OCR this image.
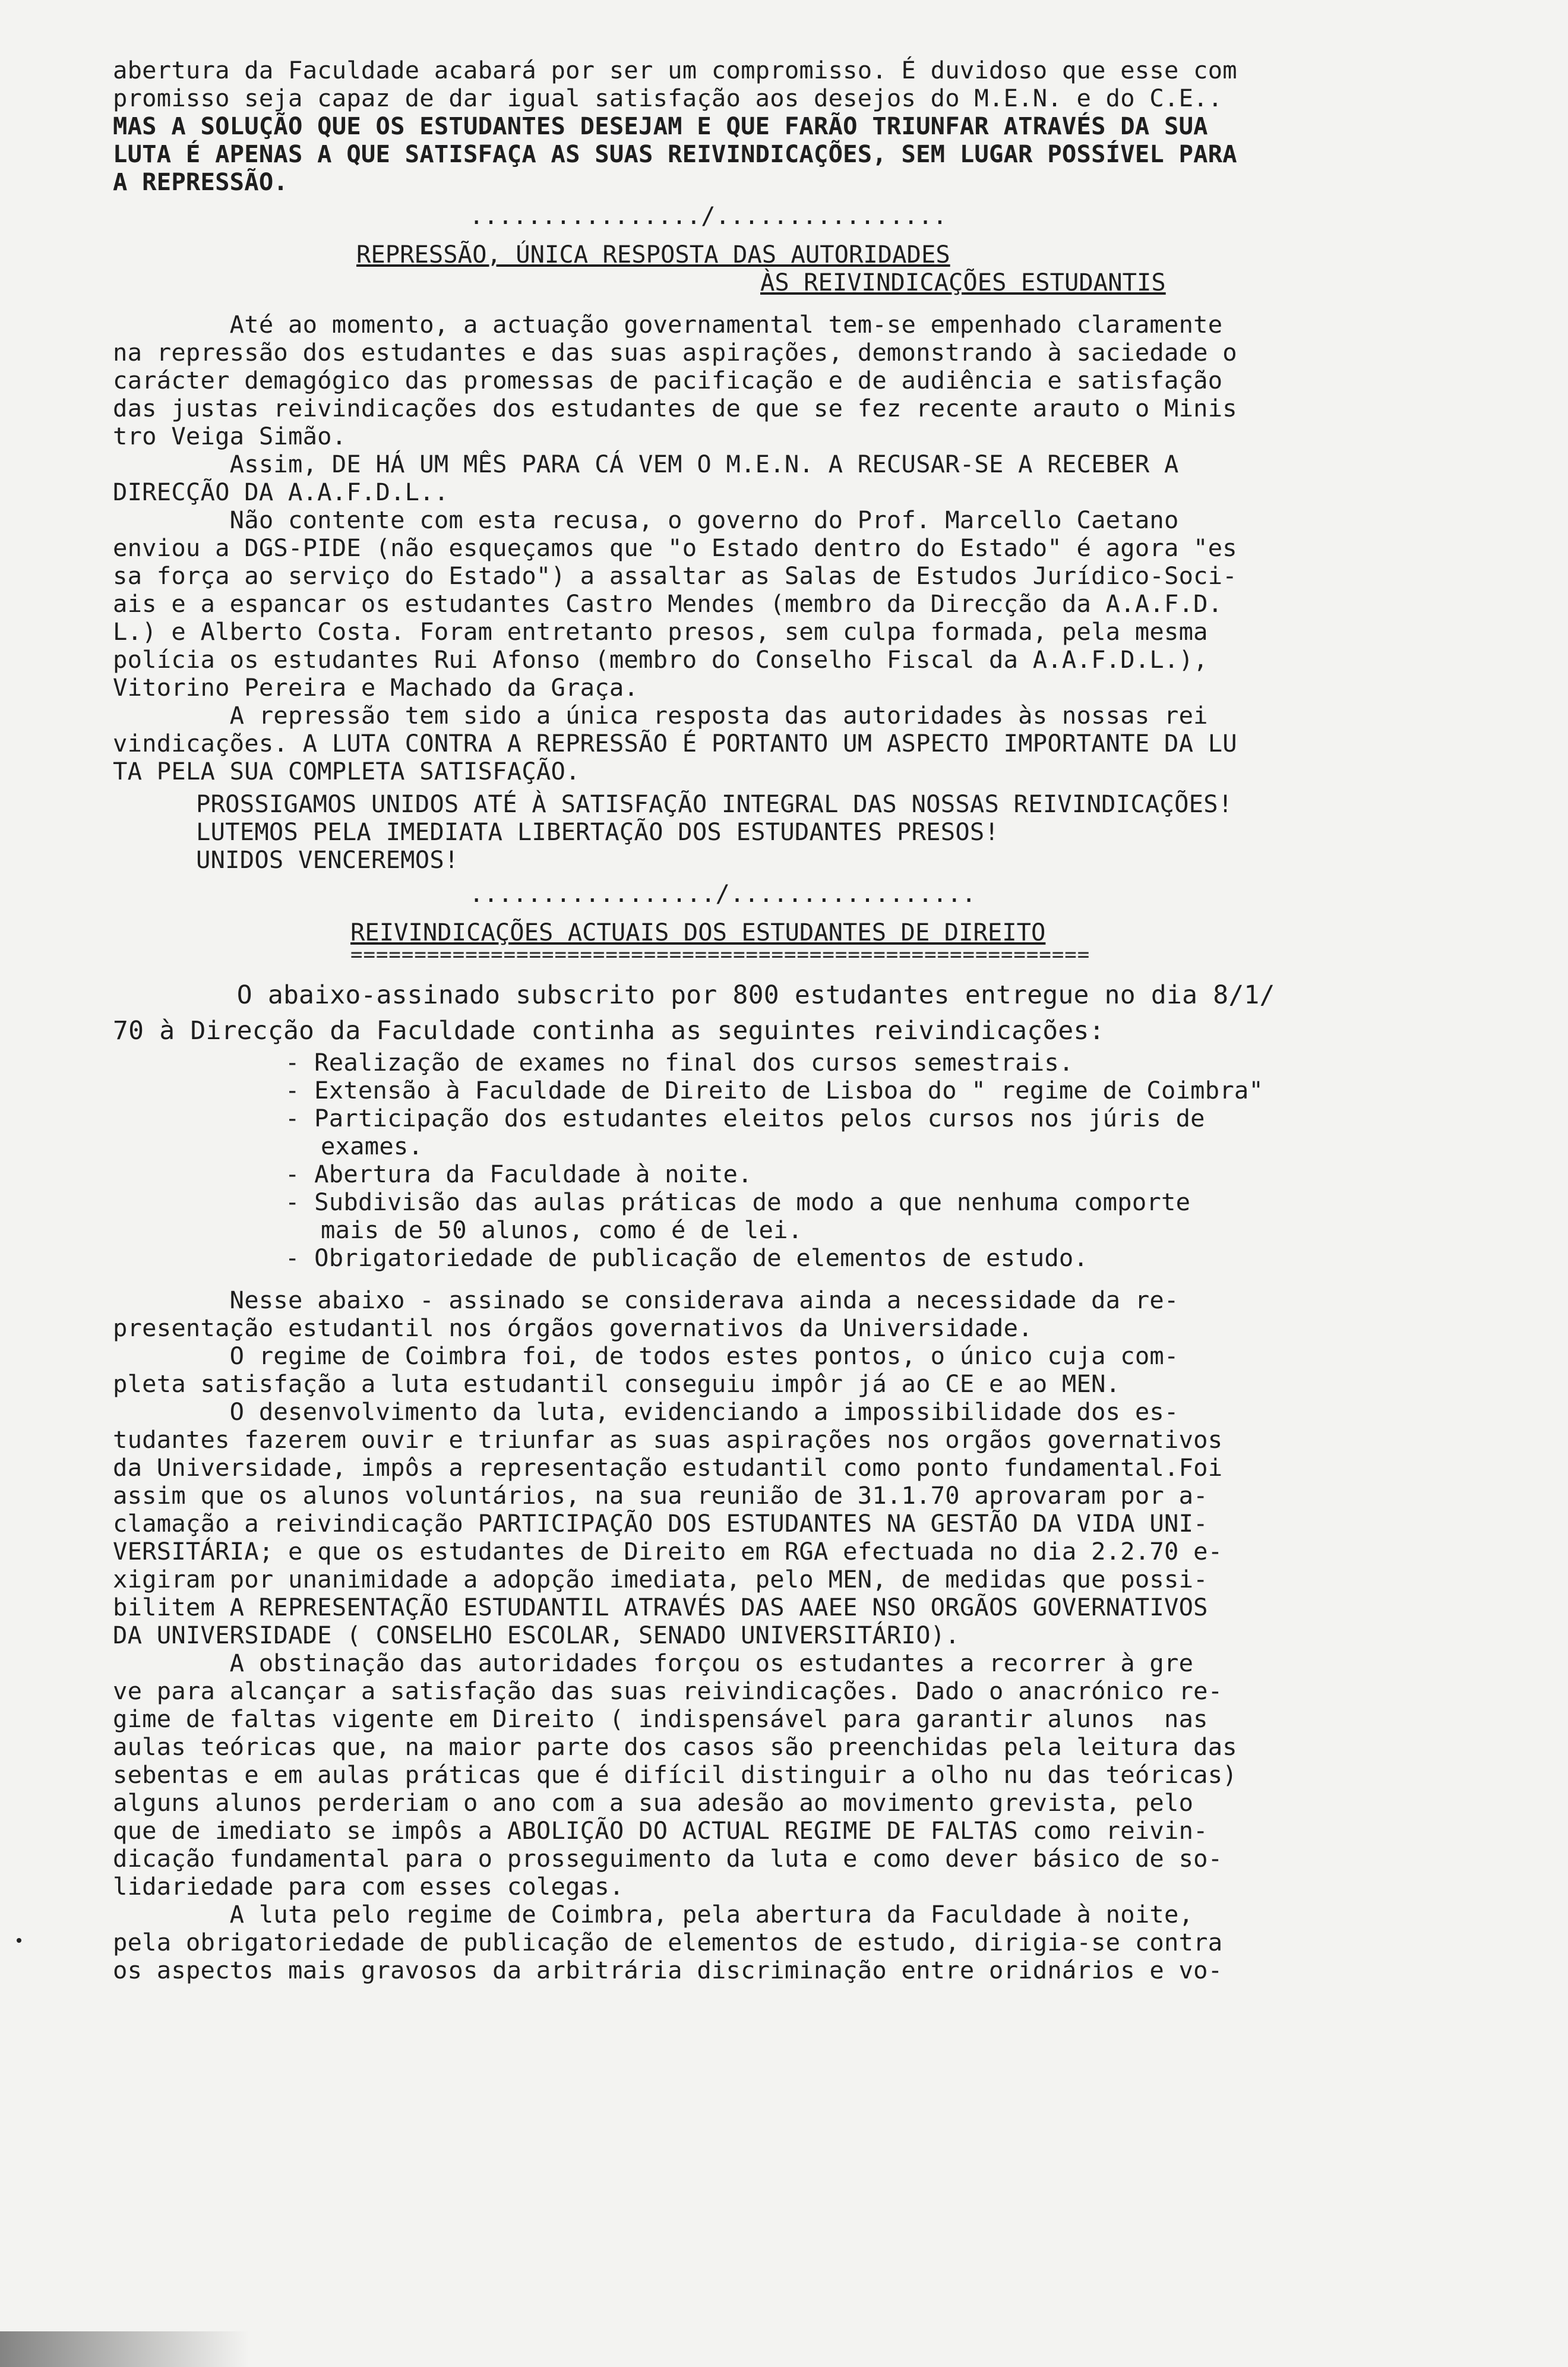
abertura da Faculdade acabará por ser um compromisso. É duvidoso que esse com
promisso seja capaz de dar igual satisfação aos desejos do M.E.N. e do C.E..
MAS A SOLUÇÃO QUE OS ESTUDANTES DESEJAM E QUE FARÃO TRIUNFAR ATRAVÉS DA SUA
LUTA É APENAS A QUE SATISFAÇA AS SUAS REIVINDICAÇÕES, SEM LUGAR POSSÍVEL PARA
A REPRESSÃO.
................/................
REPRESSÃO, ÚNICA RESPOSTA DAS AUTORIDADES
ÀS REIVINDICAÇÕES ESTUDANTIS
Até ao momento, a actuação governamental tem-se empenhado claramente
na repressão dos estudantes e das suas aspirações, demonstrando à saciedade o
carácter demagógico das promessas de pacificação e de audiência e satisfação
das justas reivindicações dos estudantes de que se fez recente arauto o Minis
tro Veiga Simão.
Assim, DE HÁ UM MÊS PARA CÁ VEM O M.E.N. A RECUSAR-SE A RECEBER A
DIRECÇÃO DA A.A.F.D.L..
Não contente com esta recusa, o governo do Prof. Marcello Caetano
enviou a DGS-PIDE (não esqueçamos que "o Estado dentro do Estado" é agora "es
sa força ao serviço do Estado") a assaltar as Salas de Estudos Jurídico-Soci-
ais e a espancar os estudantes Castro Mendes (membro da Direcção da A.A.F.D.
L.) e Alberto Costa. Foram entretanto presos, sem culpa formada, pela mesma
polícia os estudantes Rui Afonso (membro do Conselho Fiscal da A.A.F.D.L.),
Vitorino Pereira e Machado da Graça.
A repressão tem sido a única resposta das autoridades às nossas rei
vindicações. A LUTA CONTRA A REPRESSÃO É PORTANTO UM ASPECTO IMPORTANTE DA LU
TA PELA SUA COMPLETA SATISFAÇÃO.
PROSSIGAMOS UNIDOS ATÉ À SATISFAÇÃO INTEGRAL DAS NOSSAS REIVINDICAÇÕES!
LUTEMOS PELA IMEDIATA LIBERTAÇÃO DOS ESTUDANTES PRESOS!
UNIDOS VENCEREMOS!
................./.................
REIVINDICAÇÕES ACTUAIS DOS ESTUDANTES DE DIREITO
==========================================================
O abaixo-assinado subscrito por 800 estudantes entregue no dia 8/1/
70 à Direcção da Faculdade continha as seguintes reivindicações:
- Realização de exames no final dos cursos semestrais.
- Extensão à Faculdade de Direito de Lisboa do " regime de Coimbra"
- Participação dos estudantes eleitos pelos cursos nos júris de
exames.
- Abertura da Faculdade à noite.
- Subdivisão das aulas práticas de modo a que nenhuma comporte
mais de 50 alunos, como é de lei.
- Obrigatoriedade de publicação de elementos de estudo.
Nesse abaixo - assinado se considerava ainda a necessidade da re-
presentação estudantil nos órgãos governativos da Universidade.
O regime de Coimbra foi, de todos estes pontos, o único cuja com-
pleta satisfação a luta estudantil conseguiu impôr já ao CE e ao MEN.
O desenvolvimento da luta, evidenciando a impossibilidade dos es-
tudantes fazerem ouvir e triunfar as suas aspirações nos orgãos governativos
da Universidade, impôs a representação estudantil como ponto fundamental.Foi
assim que os alunos voluntários, na sua reunião de 31.1.70 aprovaram por a-
clamação a reivindicação PARTICIPAÇÃO DOS ESTUDANTES NA GESTÃO DA VIDA UNI-
VERSITÁRIA; e que os estudantes de Direito em RGA efectuada no dia 2.2.70 e-
xigiram por unanimidade a adopção imediata, pelo MEN, de medidas que possi-
bilitem A REPRESENTAÇÃO ESTUDANTIL ATRAVÉS DAS AAEE NSO ORGÃOS GOVERNATIVOS
DA UNIVERSIDADE ( CONSELHO ESCOLAR, SENADO UNIVERSITÁRIO).
A obstinação das autoridades forçou os estudantes a recorrer à gre
ve para alcançar a satisfação das suas reivindicações. Dado o anacrónico re-
gime de faltas vigente em Direito ( indispensável para garantir alunos  nas
aulas teóricas que, na maior parte dos casos são preenchidas pela leitura das
sebentas e em aulas práticas que é difícil distinguir a olho nu das teóricas)
alguns alunos perderiam o ano com a sua adesão ao movimento grevista, pelo
que de imediato se impôs a ABOLIÇÃO DO ACTUAL REGIME DE FALTAS como reivin-
dicação fundamental para o prosseguimento da luta e como dever básico de so-
lidariedade para com esses colegas.
A luta pelo regime de Coimbra, pela abertura da Faculdade à noite,
pela obrigatoriedade de publicação de elementos de estudo, dirigia-se contra
os aspectos mais gravosos da arbitrária discriminação entre oridnários e vo-
